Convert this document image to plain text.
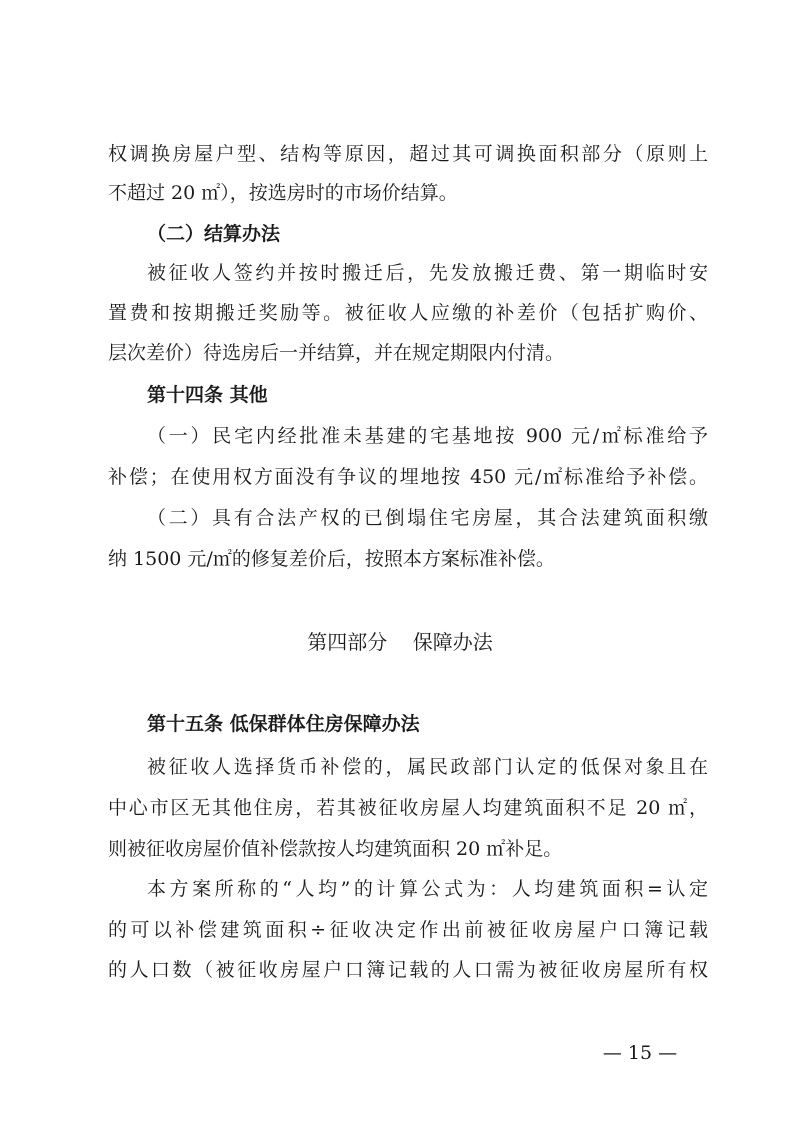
权调换房屋户型、结构等原因，超过其可调换面积部分（原则上
不超过 20 ㎡），按选房时的市场价结算。
（二）结算办法
被征收人签约并按时搬迁后，先发放搬迁费、第一期临时安
置费和按期搬迁奖励等。被征收人应缴的补差价（包括扩购价、
层次差价）待选房后一并结算，并在规定期限内付清。
第十四条 其他
（一）民宅内经批准未基建的宅基地按 900 元/㎡标准给予
补偿；在使用权方面没有争议的埋地按 450 元/㎡标准给予补偿。
（二）具有合法产权的已倒塌住宅房屋，其合法建筑面积缴
纳 1500 元/㎡的修复差价后，按照本方案标准补偿。
第四部分    保障办法
第十五条 低保群体住房保障办法
被征收人选择货币补偿的，属民政部门认定的低保对象且在
中心市区无其他住房，若其被征收房屋人均建筑面积不足 20 ㎡，
则被征收房屋价值补偿款按人均建筑面积 20 ㎡补足。
本方案所称的“人均”的计算公式为：人均建筑面积=认定
的可以补偿建筑面积÷征收决定作出前被征收房屋户口簿记载
的人口数（被征收房屋户口簿记载的人口需为被征收房屋所有权
— 15 —
